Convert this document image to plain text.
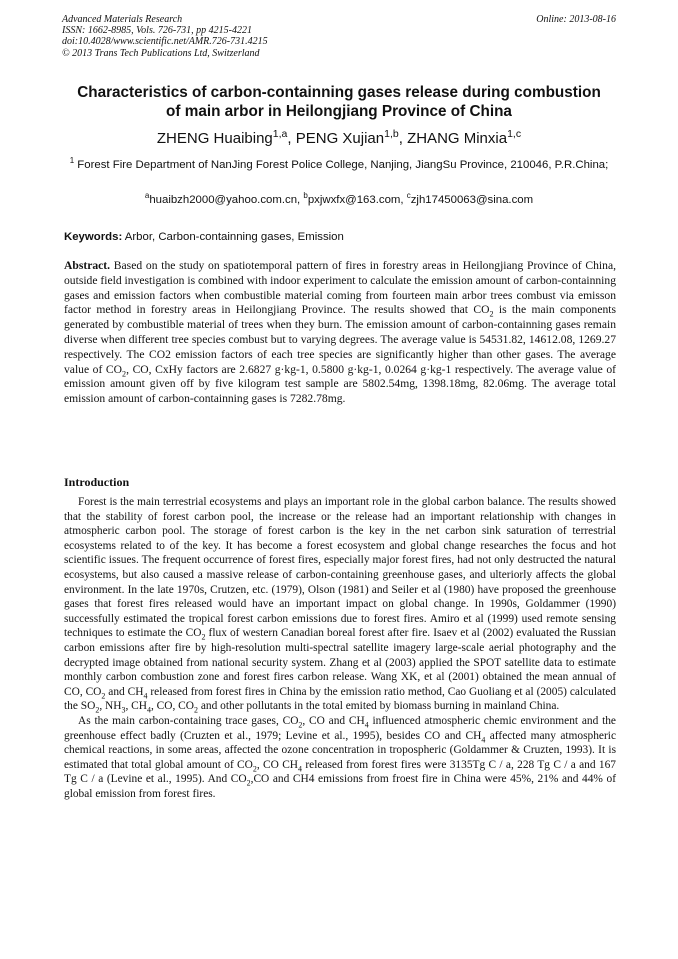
Advanced Materials Research
ISSN: 1662-8985, Vols. 726-731, pp 4215-4221
doi:10.4028/www.scientific.net/AMR.726-731.4215
© 2013 Trans Tech Publications Ltd, Switzerland
Online: 2013-08-16
Characteristics of carbon-containning gases release during combustion
of main arbor in Heilongjiang Province of China
ZHENG Huaibing$^{1,a}$, PENG Xujian$^{1,b}$, ZHANG Minxia$^{1,c}$
$^1$ Forest Fire Department of NanJing Forest Police College, Nanjing, JiangSu Province, 210046, P.R.China;
$^a$huaibzh2000@yahoo.com.cn, $^b$pxjwxfx@163.com, $^c$zjh17450063@sina.com
Keywords: Arbor, Carbon-containning gases, Emission
Abstract. Based on the study on spatiotemporal pattern of fires in forestry areas in Heilongjiang Province of China, outside field investigation is combined with indoor experiment to calculate the emission amount of carbon-containning gases and emission factors when combustible material coming from fourteen main arbor trees combust via emisson factor method in forestry areas in Heilongjiang Province. The results showed that $CO_2$ is the main components generated by combustible material of trees when they burn. The emission amount of carbon-containning gases remain diverse when different tree species combust but to varying degrees. The average value is 54531.82, 14612.08, 1269.27 respectively. The CO2 emission factors of each tree species are significantly higher than other gases. The average value of $CO_2$, CO, CxHy factors are 2.6827 g·kg-1, 0.5800 g·kg-1, 0.0264 g·kg-1 respectively. The average value of emission amount given off by five kilogram test sample are 5802.54mg, 1398.18mg, 82.06mg. The average total emission amount of carbon-containning gases is 7282.78mg.
Introduction

Forest is the main terrestrial ecosystems and plays an important role in the global carbon balance. The results showed that the stability of forest carbon pool, the increase or the release had an important relationship with changes in atmospheric carbon pool. The storage of forest carbon is the key in the net carbon sink saturation of terrestrial ecosystems related to of the key. It has become a forest ecosystem and global change researches the focus and hot scientific issues. The frequent occurrence of forest fires, especially major forest fires, had not only destructed the natural ecosystems, but also caused a massive release of carbon-containing greenhouse gases, and ulteriorly affects the global environment. In the late 1970s, Crutzen, etc. (1979), Olson (1981) and Seiler et al (1980) have proposed the greenhouse gases that forest fires released would have an important impact on global change. In 1990s, Goldammer (1990) successfully estimated the tropical forest carbon emissions due to forest fires. Amiro et al (1999) used remote sensing techniques to estimate the $CO_2$ flux of western Canadian boreal forest after fire. Isaev et al (2002) evaluated the Russian carbon emissions after fire by high-resolution multi-spectral satellite imagery large-scale aerial photography and the decrypted image obtained from national security system. Zhang et al (2003) applied the SPOT satellite data to estimate monthly carbon combustion zone and forest fires carbon release. Wang XK, et al (2001) obtained the mean annual of CO, $CO_2$ and $CH_4$ released from forest fires in China by the emission ratio method, Cao Guoliang et al (2005) calculated the $SO_2$, $NH_3$, $CH_4$, CO, $CO_2$ and other pollutants in the total emited by biomass burning in mainland China.

As the main carbon-containing trace gases, $CO_2$, CO and $CH_4$ influenced atmospheric chemic environment and the greenhouse effect badly (Cruzten et al., 1979; Levine et al., 1995), besides CO and $CH_4$ affected many atmospheric chemical reactions, in some areas, affected the ozone concentration in tropospheric (Goldammer & Cruzten, 1993). It is estimated that total global amount of $CO_2$, CO $CH_4$ released from forest fires were 3135Tg C / a, 228 Tg C / a and 167 Tg C / a (Levine et al., 1995). And $CO_2,CO$ and CH4 emissions from froest fire in China were 45%, 21% and 44% of global emission from forest fires.
